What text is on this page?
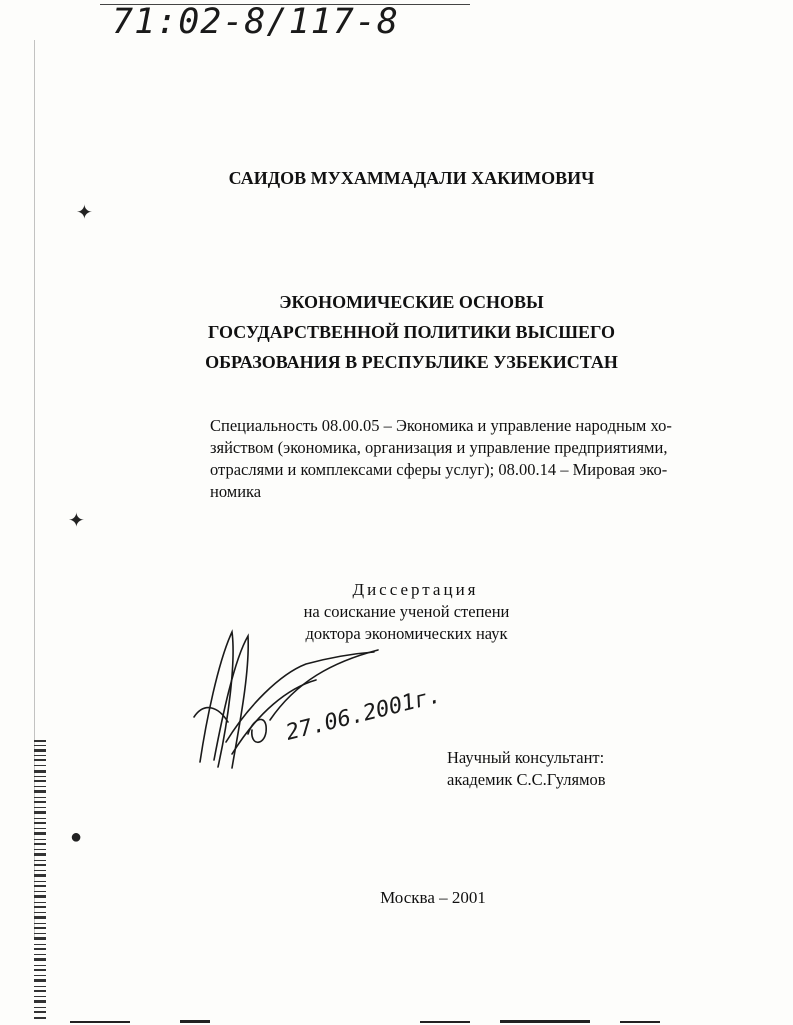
71:02-8/117-8
САИДОВ МУХАММАДАЛИ ХАКИМОВИЧ
✦
ЭКОНОМИЧЕСКИЕ ОСНОВЫ
ГОСУДАРСТВЕННОЙ ПОЛИТИКИ ВЫСШЕГО
ОБРАЗОВАНИЯ В РЕСПУБЛИКЕ УЗБЕКИСТАН
Специальность 08.00.05 – Экономика и управление народным хо-
зяйством (экономика, организация и управление предприятиями,
отраслями и комплексами сферы услуг); 08.00.14 – Мировая эко-
номика
✦
Диссертация
на соискание ученой степени
доктора экономических наук
27.06.2001г.
Научный консультант:
академик С.С.Гулямов
●
Москва – 2001
